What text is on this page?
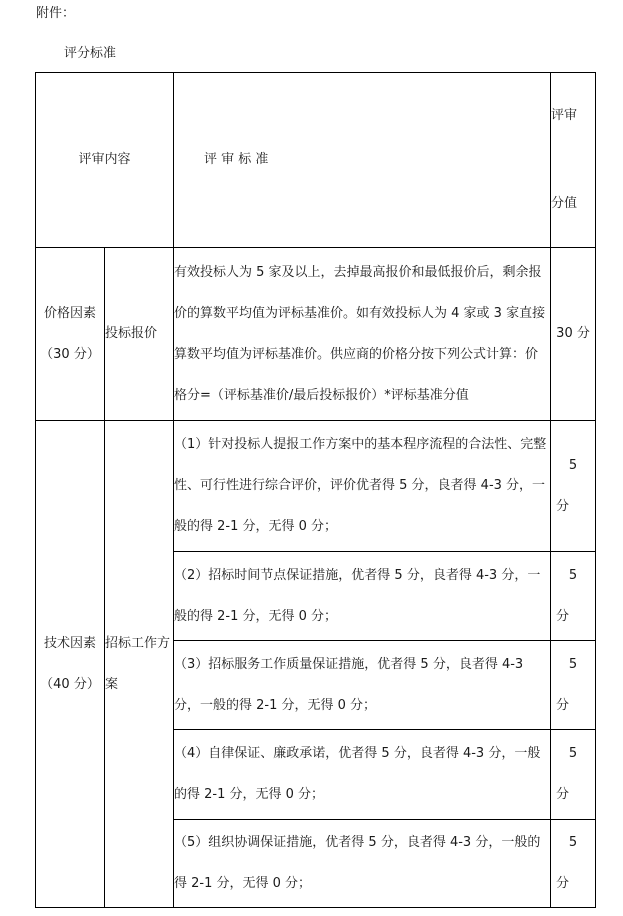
附件：
评分标准
评审内容		评 审 标 准	评审
分值

价格因素
（30 分）	投标报价	有效投标人为 5 家及以上，去掉最高报价和最低报价后，剩余报价的算数平均值为评标基准价。如有效投标人为 4 家或 3 家直接算数平均值为评标基准价。供应商的价格分按下列公式计算：价格分=（评标基准价/最后投标报价）*评标基准分值	30 分

技术因素
（40 分）	招标工作方案	（1）针对投标人提报工作方案中的基本程序流程的合法性、完整性、可行性进行综合评价，评价优者得 5 分，良者得 4-3 分，一般的得 2-1 分，无得 0 分；	5
分

		（2）招标时间节点保证措施，优者得 5 分，良者得 4-3 分，一般的得 2-1 分，无得 0 分；	5
分

		（3）招标服务工作质量保证措施，优者得 5 分，良者得 4-3 分，一般的得 2-1 分，无得 0 分；	5
分

		（4）自律保证、廉政承诺，优者得 5 分，良者得 4-3 分，一般的得 2-1 分，无得 0 分；	5
分

		（5）组织协调保证措施，优者得 5 分，良者得 4-3 分，一般的得 2-1 分，无得 0 分；	5
分
